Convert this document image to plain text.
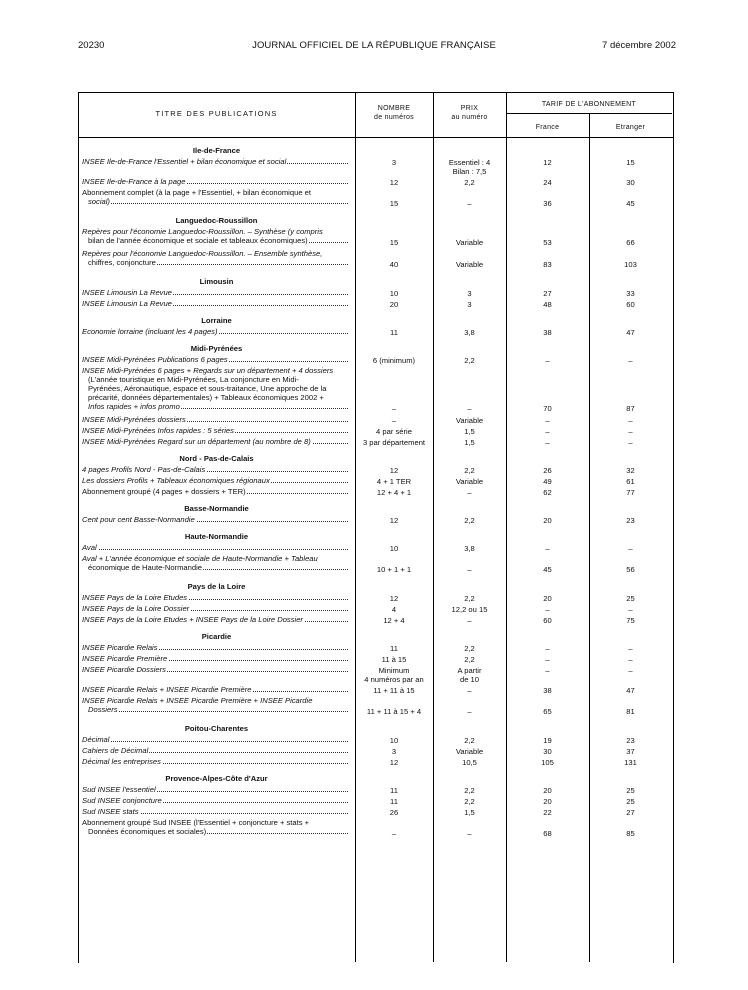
20230	JOURNAL OFFICIEL DE LA RÉPUBLIQUE FRANÇAISE	7 décembre 2002
TITRE DES PUBLICATIONS
NOMBRE
de numéros
PRIX
au numéro
TARIF DE L'ABONNEMENT
France	Etranger
Ile-de-France
INSEE Ile-de-France l'Essentiel + bilan économique et social	3	Essentiel : 4	12	15
Bilan : 7,5
INSEE Ile-de-France à la page	12	2,2	24	30
Abonnement complet (à la page + l'Essentiel, + bilan économique et
social)	15	–	36	45
Languedoc-Roussillon
Repères pour l'économie Languedoc-Roussillon. – Synthèse (y compris
bilan de l'année économique et sociale et tableaux économiques)	15	Variable	53	66
Repères pour l'économie Languedoc-Roussillon. – Ensemble synthèse,
chiffres, conjoncture	40	Variable	83	103
Limousin
INSEE Limousin La Revue	10	3	27	33
INSEE Limousin La Revue	20	3	48	60
Lorraine
Economie lorraine (incluant les 4 pages)	11	3,8	38	47
Midi-Pyrénées
INSEE Midi-Pyrénées Publications 6 pages	6 (minimum)	2,2	–	–
INSEE Midi-Pyrénées 6 pages + Regards sur un département + 4 dossiers
(L'année touristique en Midi-Pyrénées, La conjoncture en Midi-
Pyrénées, Aéronautique, espace et sous-traitance, Une approche de la
précarité, données départementales) + Tableaux économiques 2002 +
Infos rapides + infos promo	–	–	70	87
INSEE Midi-Pyrénées dossiers	–	Variable	–	–
INSEE Midi-Pyrénées Infos rapides : 5 séries	4 par série	1,5	–	–
INSEE Midi-Pyrénées Regard sur un département (au nombre de 8)	3 par département	1,5	–	–
Nord - Pas-de-Calais
4 pages Profils Nord - Pas-de-Calais	12	2,2	26	32
Les dossiers Profils + Tableaux économiques régionaux	4 + 1 TER	Variable	49	61
Abonnement groupé (4 pages + dossiers + TER)	12 + 4 + 1	–	62	77
Basse-Normandie
Cent pour cent Basse-Normandie	12	2,2	20	23
Haute-Normandie
Aval	10	3,8	–	–
Aval + L'année économique et sociale de Haute-Normandie + Tableau
économique de Haute-Normandie	10 + 1 + 1	–	45	56
Pays de la Loire
INSEE Pays de la Loire Etudes	12	2,2	20	25
INSEE Pays de la Loire Dossier	4	12,2 ou 15	–	–
INSEE Pays de la Loire Etudes + INSEE Pays de la Loire Dossier	12 + 4	–	60	75
Picardie
INSEE Picardie Relais	11	2,2	–	–
INSEE Picardie Première	11 à 15	2,2	–	–
INSEE Picardie Dossiers	Minimum	A partir	–	–
4 numéros par an	de 10
INSEE Picardie Relais + INSEE Picardie Première	11 + 11 à 15	–	38	47
INSEE Picardie Relais + INSEE Picardie Première + INSEE Picardie
Dossiers	11 + 11 à 15 + 4	–	65	81
Poitou-Charentes
Décimal	10	2,2	19	23
Cahiers de Décimal	3	Variable	30	37
Décimal les entreprises	12	10,5	105	131
Provence-Alpes-Côte d'Azur
Sud INSEE l'essentiel	11	2,2	20	25
Sud INSEE conjoncture	11	2,2	20	25
Sud INSEE stats	26	1,5	22	27
Abonnement groupé Sud INSEE (l'Essentiel + conjoncture + stats +
Données économiques et sociales)	–	–	68	85
